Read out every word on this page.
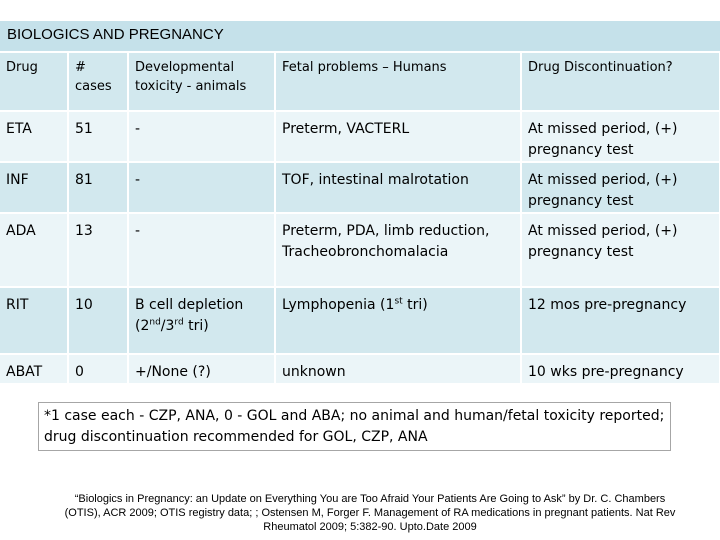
BIOLOGICS AND PREGNANCY
Drug	# cases	Developmental toxicity - animals	Fetal problems – Humans	Drug Discontinuation?
ETA	51	-	Preterm, VACTERL	At missed period, (+) pregnancy test
INF	81	-	TOF, intestinal malrotation	At missed period, (+) pregnancy test
ADA	13	-	Preterm, PDA, limb reduction, Tracheobronchomalacia	At missed period, (+) pregnancy test
RIT	10	B cell depletion (2nd/3rd tri)	Lymphopenia (1st tri)	12 mos pre-pregnancy
ABAT	0	+/None (?)	unknown	10 wks pre-pregnancy
*1 case each - CZP, ANA, 0 - GOL and ABA; no animal and human/fetal toxicity reported; drug discontinuation recommended for GOL, CZP, ANA
“Biologics in Pregnancy: an Update on Everything You are Too Afraid Your Patients Are Going to Ask” by Dr. C. Chambers (OTIS), ACR 2009; OTIS registry data; ; Ostensen M, Forger F. Management of RA medications in pregnant patients. Nat Rev Rheumatol 2009; 5:382-90. Upto.Date 2009
